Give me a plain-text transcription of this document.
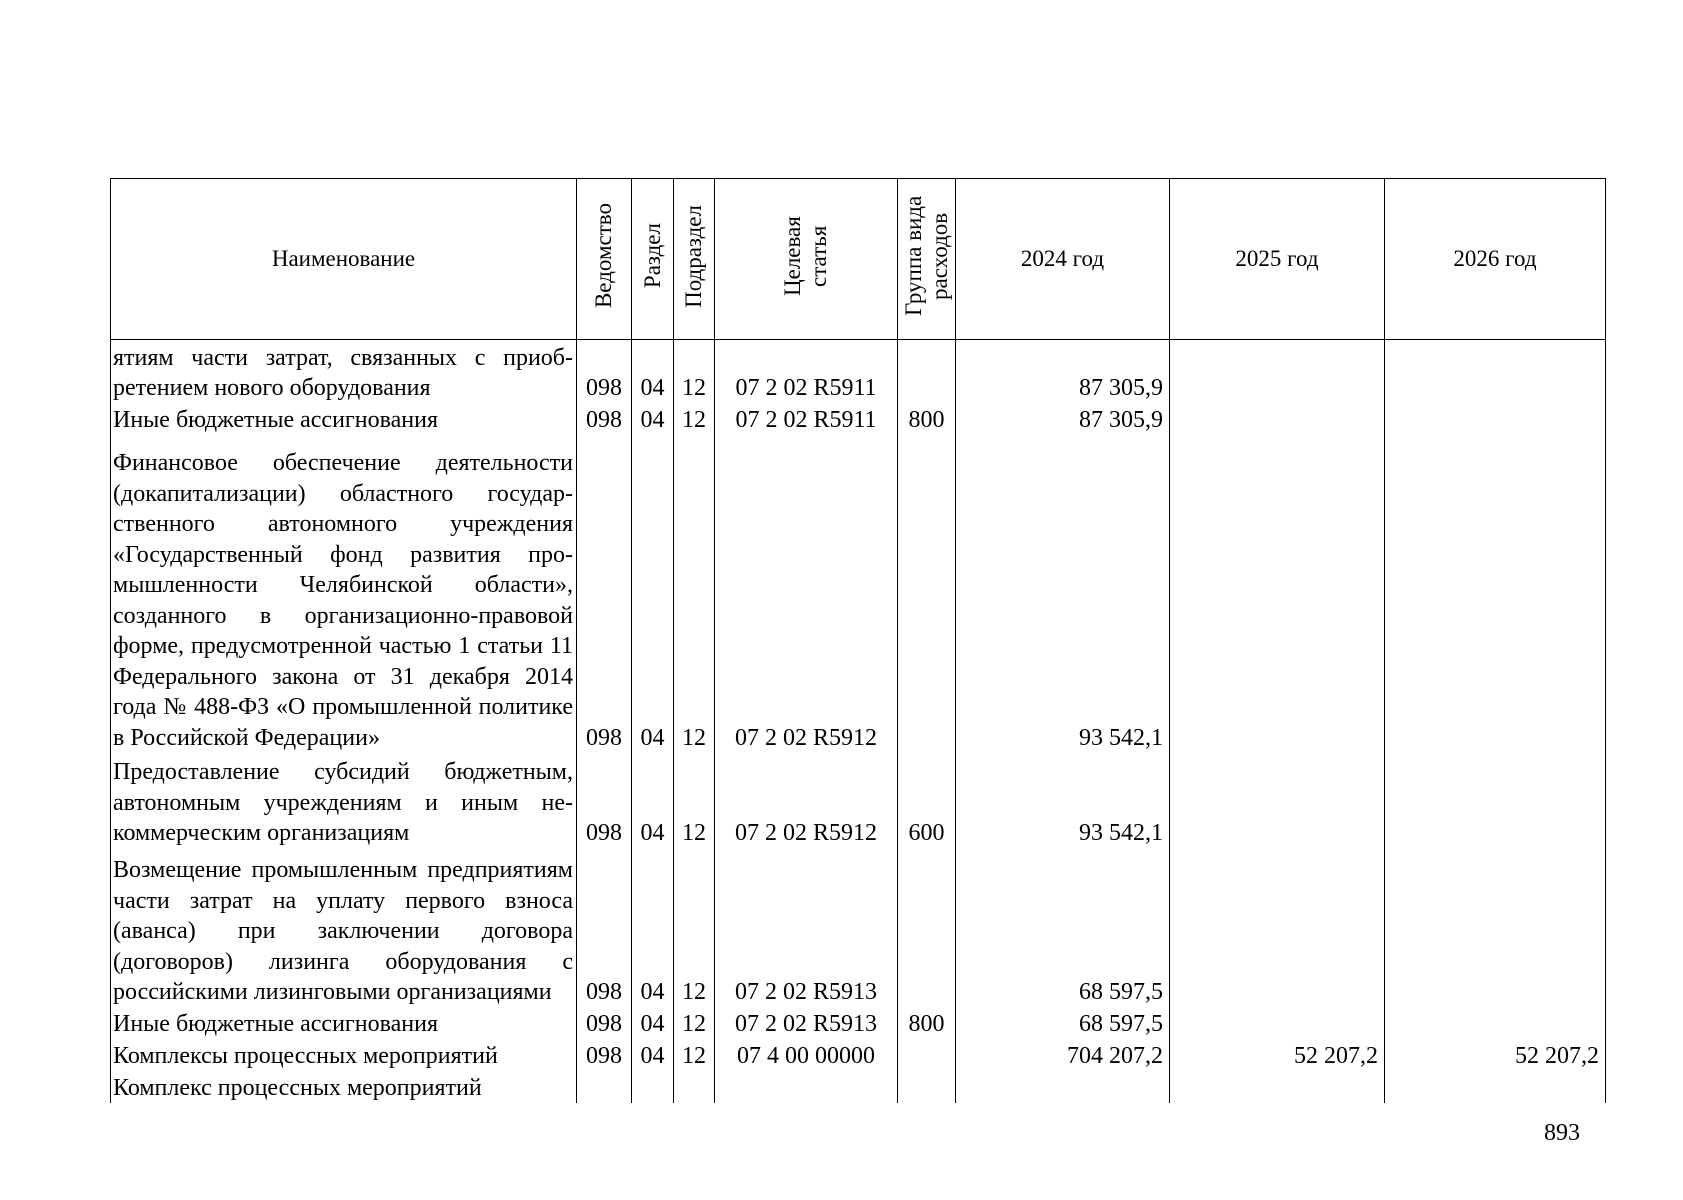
Наименование	Ведомство	Раздел	Подраздел	Целевая статья	Группа вида расходов	2024 год	2025 год	2026 год
ятиям части затрат, связанных с приобретением нового оборудования	098	04	12	07 2 02 R5911		87 305,9		
Иные бюджетные ассигнования	098	04	12	07 2 02 R5911	800	87 305,9		
Финансовое обеспечение деятельности (докапитализации) областного государственного автономного учреждения «Государственный фонд развития промышленности Челябинской области», созданного в организационно-правовой форме, предусмотренной частью 1 статьи 11 Федерального закона от 31 декабря 2014 года № 488-ФЗ «О промышленной политике в Российской Федерации»	098	04	12	07 2 02 R5912		93 542,1		
Предоставление субсидий бюджетным, автономным учреждениям и иным некоммерческим организациям	098	04	12	07 2 02 R5912	600	93 542,1		
Возмещение промышленным предприятиям части затрат на уплату первого взноса (аванса) при заключении договора (договоров) лизинга оборудования с российскими лизинговыми организациями	098	04	12	07 2 02 R5913		68 597,5		
Иные бюджетные ассигнования	098	04	12	07 2 02 R5913	800	68 597,5		
Комплексы процессных мероприятий	098	04	12	07 4 00 00000		704 207,2	52 207,2	52 207,2
Комплекс процессных мероприятий								

893
